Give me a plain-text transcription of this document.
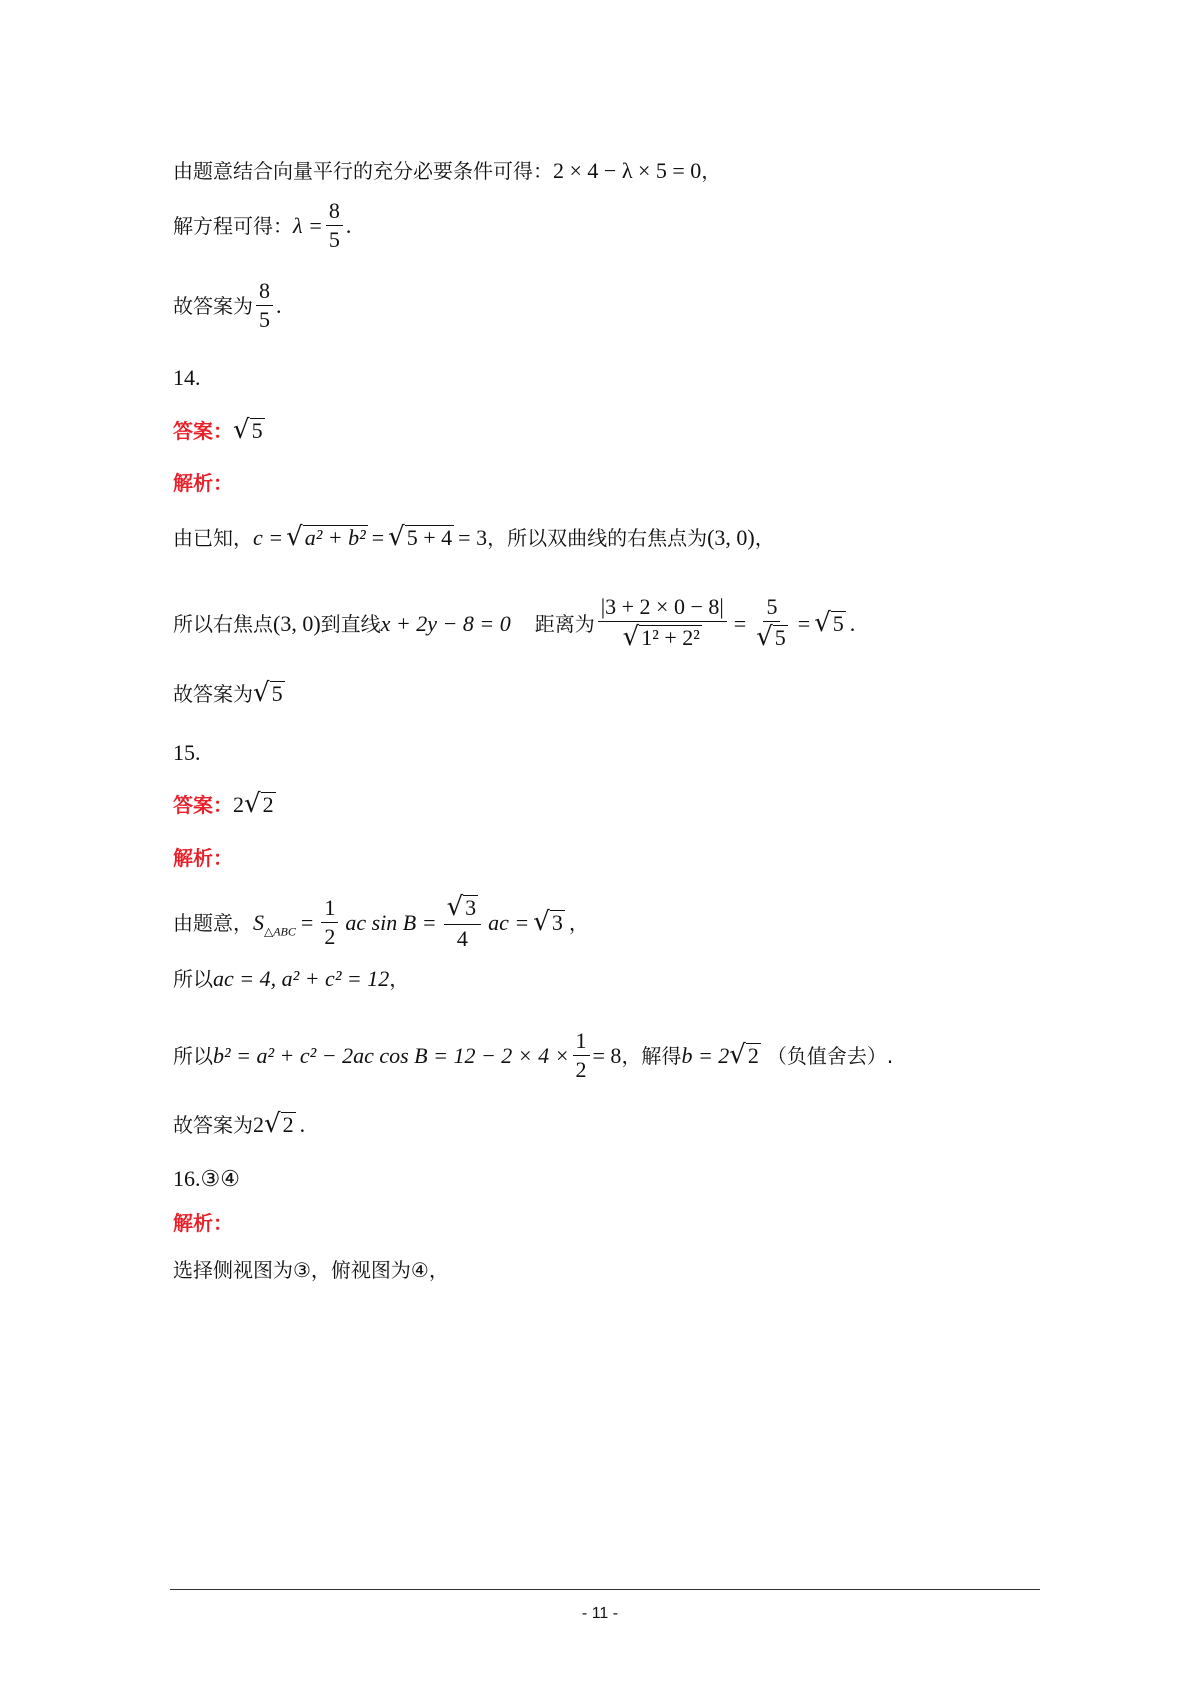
由题意结合向量平行的充分必要条件可得： 2 × 4 − λ × 5 = 0 ，
解方程可得： $\lambda = \frac{8}{5}$ .
故答案为 $\frac{8}{5}$ .
14.
答案： √ 5
解析：
由已知， c = √ a² + b² = √ 5 + 4 = 3 ，所以双曲线的右焦点为 (3, 0) ，
所以右焦点 (3, 0) 到直线 x + 2y − 8 = 0 距离为 $\frac{|3 + 2 \times 0 - 8|}{\text{√ 1² + 2²}} = \frac{5}{√ 5}$ = √ 5 .
故答案为 √ 5
15.
答案： 2 √ 2
解析：
由题意， $S_{\triangle ABC} = \frac{1}{2}$ ac $\sin B = \frac{√ 3}{4}$ ac = √ 3 ，
所以 ac = 4, a² + c² = 12 ，
所以 b² = a² + c² − 2ac $\cos B = 12 - 2 \times 4 \times \frac{1}{2} = 8$ ，解得 b = 2 √ 2 （负值舍去）.
故答案为 2 √ 2 .
16.③④
解析：
选择侧视图为③，俯视图为④，
- 11 -
